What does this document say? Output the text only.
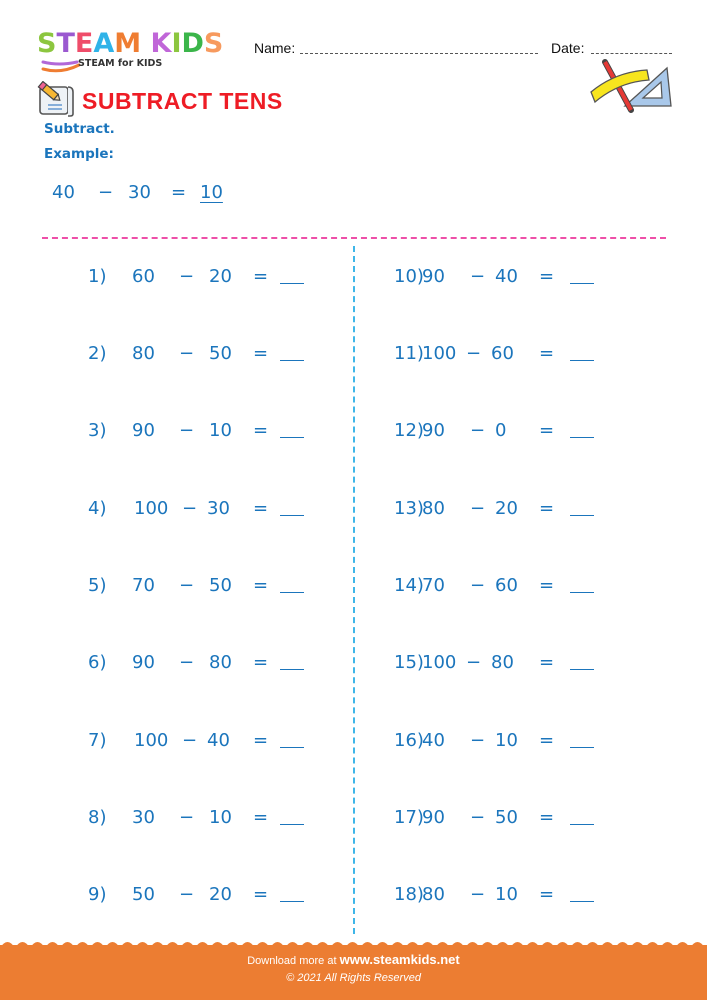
STEAM KIDS
STEAM for KIDS
Name:	Date:
SUBTRACT TENS
Subtract.
Example:
40 − 30 = 10
1) 60 − 20 =
2) 80 − 50 =
3) 90 − 10 =
4) 100 − 30 =
5) 70 − 50 =
6) 90 − 80 =
7) 100 − 40 =
8) 30 − 10 =
9) 50 − 20 =
10)
90 − 40 =
11)
100 − 60 =
12)
90 − 0 =
13)
80 − 20 =
14)
70 − 60 =
15)
100 − 80 =
16)
40 − 10 =
17)
90 − 50 =
18)
80 − 10 =
Download more at www.steamkids.net
© 2021 All Rights Reserved
